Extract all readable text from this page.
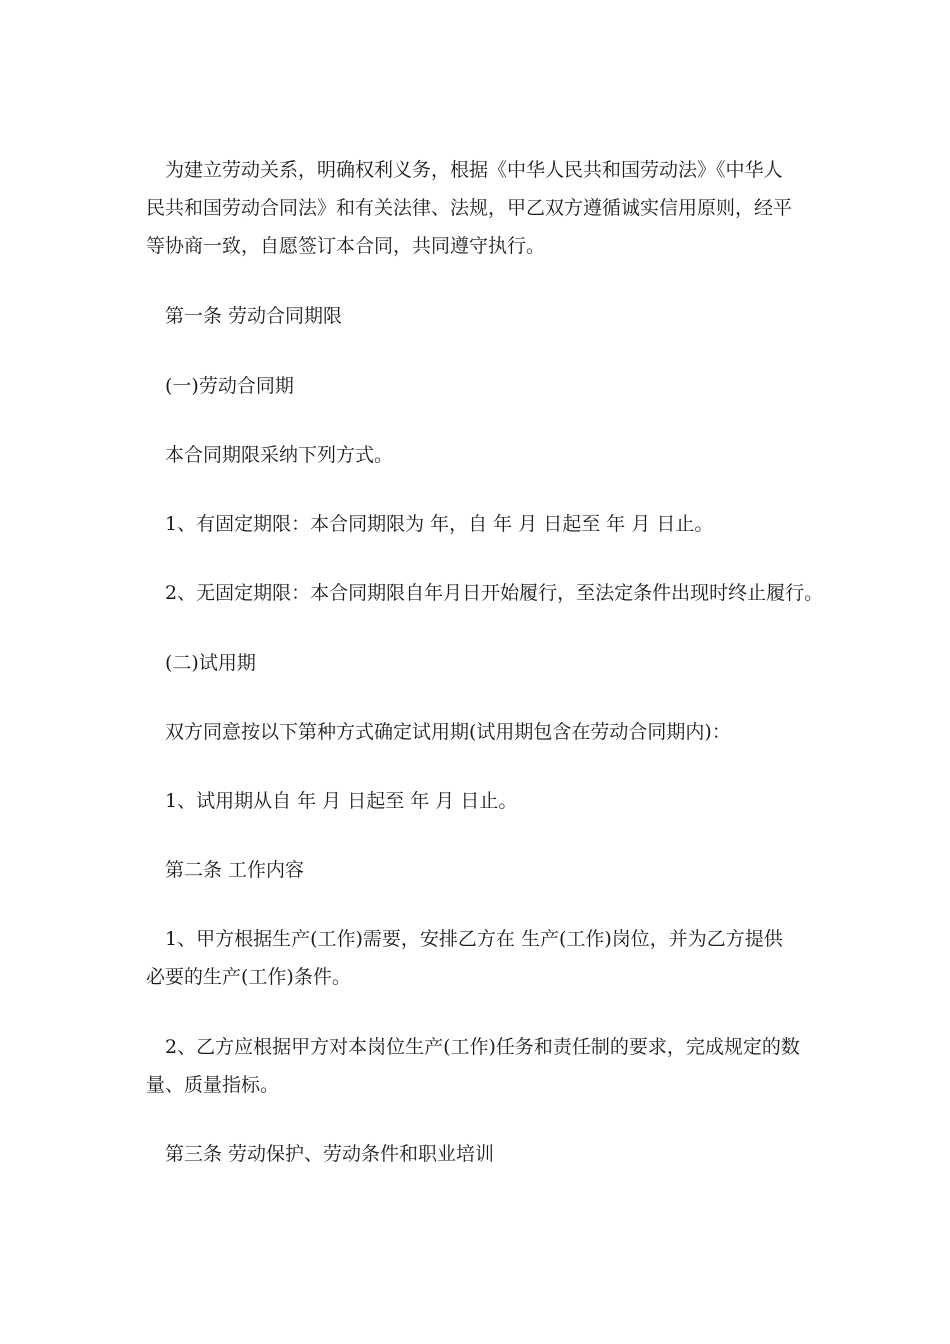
　为建立劳动关系，明确权利义务，根据《中华人民共和国劳动法》《中华人
民共和国劳动合同法》和有关法律、法规，甲乙双方遵循诚实信用原则，经平
等协商一致，自愿签订本合同，共同遵守执行。
　第一条 劳动合同期限
　(一)劳动合同期
　本合同期限采纳下列方式。
　1、有固定期限：本合同期限为 年，自 年 月 日起至 年 月 日止。
　2、无固定期限：本合同期限自年月日开始履行，至法定条件出现时终止履行。
　(二)试用期
　双方同意按以下第种方式确定试用期(试用期包含在劳动合同期内)：
　1、试用期从自 年 月 日起至 年 月 日止。
　第二条 工作内容
　1、甲方根据生产(工作)需要，安排乙方在 生产(工作)岗位，并为乙方提供
必要的生产(工作)条件。
　2、乙方应根据甲方对本岗位生产(工作)任务和责任制的要求，完成规定的数
量、质量指标。
　第三条 劳动保护、劳动条件和职业培训
